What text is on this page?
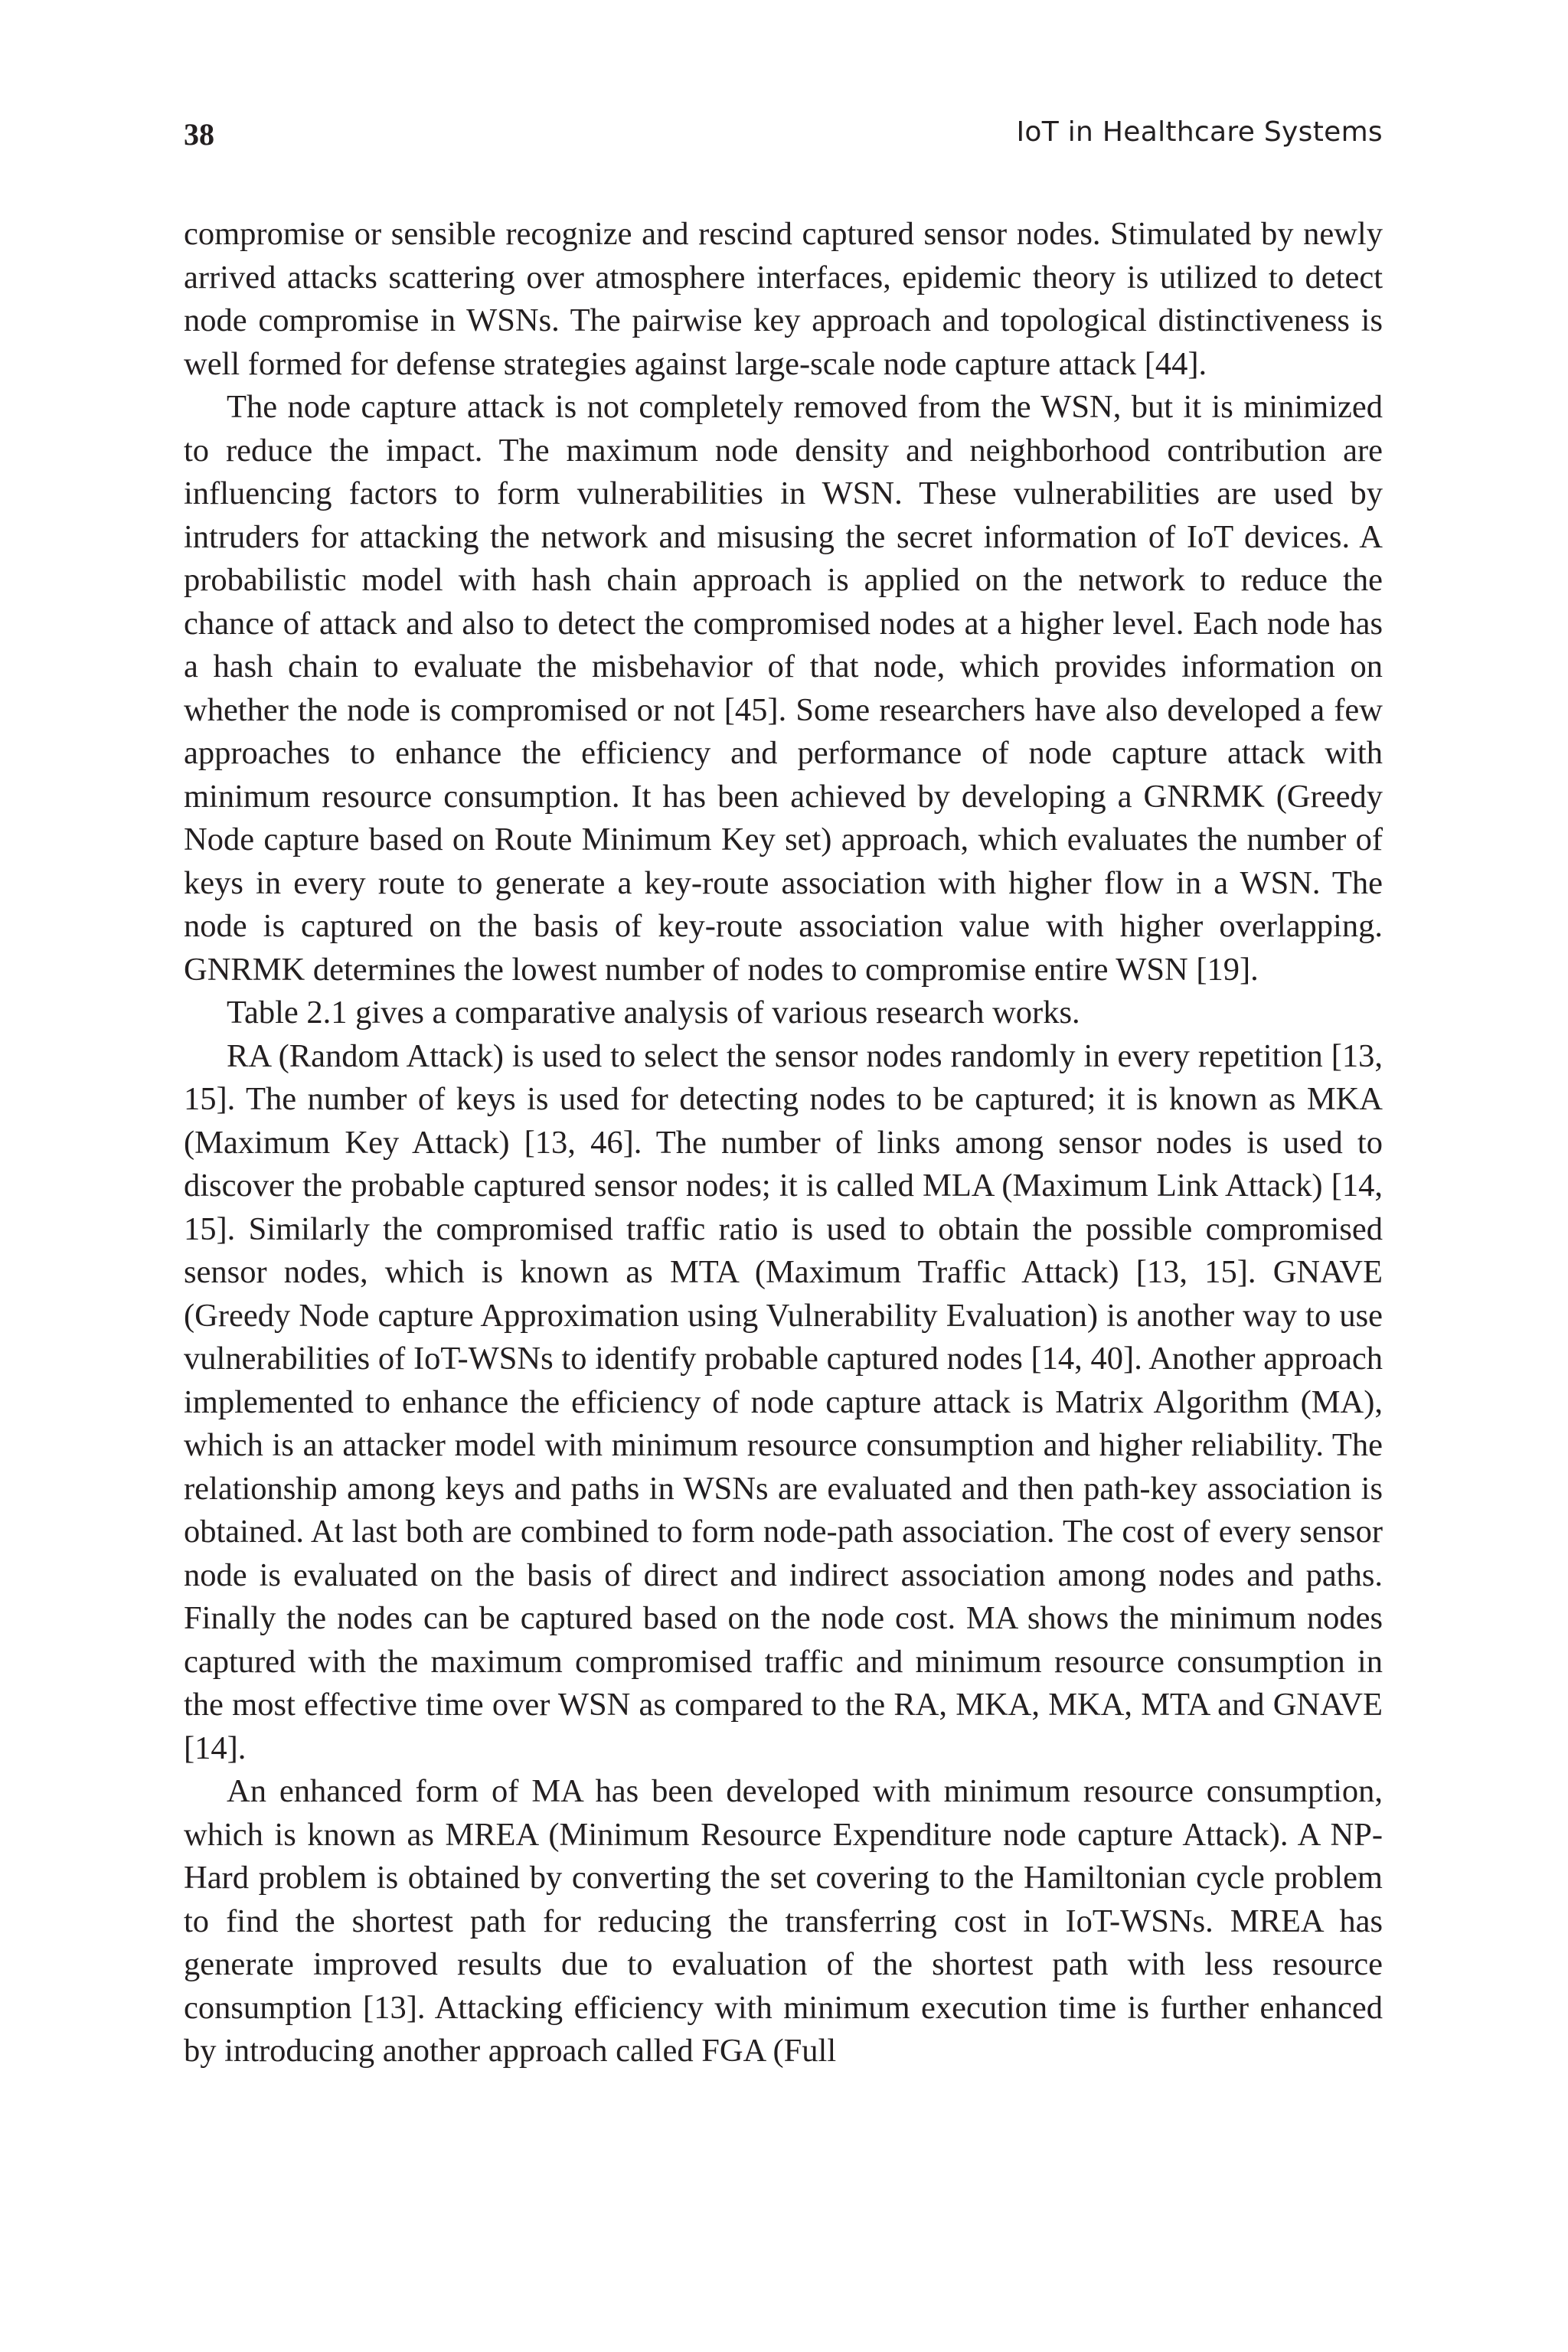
38	IoT in Healthcare Systems

compromise or sensible recognize and rescind captured sensor nodes. Stimulated by newly arrived attacks scattering over atmosphere interfaces, epidemic theory is utilized to detect node compromise in WSNs. The pairwise key approach and topological distinctiveness is well formed for defense strategies against large-scale node capture attack [44].

The node capture attack is not completely removed from the WSN, but it is minimized to reduce the impact. The maximum node density and neighborhood contribution are influencing factors to form vulnerabilities in WSN. These vulnerabilities are used by intruders for attacking the network and misusing the secret information of IoT devices. A probabilistic model with hash chain approach is applied on the network to reduce the chance of attack and also to detect the compromised nodes at a higher level. Each node has a hash chain to evaluate the misbehavior of that node, which provides information on whether the node is compromised or not [45]. Some researchers have also developed a few approaches to enhance the efficiency and performance of node capture attack with minimum resource consumption. It has been achieved by developing a GNRMK (Greedy Node capture based on Route Minimum Key set) approach, which evaluates the number of keys in every route to generate a key-route association with higher flow in a WSN. The node is captured on the basis of key-route association value with higher overlapping. GNRMK determines the lowest number of nodes to compromise entire WSN [19].

Table 2.1 gives a comparative analysis of various research works.

RA (Random Attack) is used to select the sensor nodes randomly in every repetition [13, 15]. The number of keys is used for detecting nodes to be captured; it is known as MKA (Maximum Key Attack) [13, 46]. The number of links among sensor nodes is used to discover the probable captured sensor nodes; it is called MLA (Maximum Link Attack) [14, 15]. Similarly the compromised traffic ratio is used to obtain the possible compromised sensor nodes, which is known as MTA (Maximum Traffic Attack) [13, 15]. GNAVE (Greedy Node capture Approximation using Vulnerability Evaluation) is another way to use vulnerabilities of IoT-WSNs to identify probable captured nodes [14, 40]. Another approach implemented to enhance the efficiency of node capture attack is Matrix Algorithm (MA), which is an attacker model with minimum resource consumption and higher reliability. The relationship among keys and paths in WSNs are evaluated and then path-key association is obtained. At last both are combined to form node-path association. The cost of every sensor node is evaluated on the basis of direct and indirect association among nodes and paths. Finally the nodes can be captured based on the node cost. MA shows the minimum nodes captured with the maximum compromised traffic and minimum resource consumption in the most effective time over WSN as compared to the RA, MKA, MKA, MTA and GNAVE [14].

An enhanced form of MA has been developed with minimum resource consumption, which is known as MREA (Minimum Resource Expenditure node capture Attack). A NP-Hard problem is obtained by converting the set covering to the Hamiltonian cycle problem to find the shortest path for reducing the transferring cost in IoT-WSNs. MREA has generate improved results due to evaluation of the shortest path with less resource consumption [13]. Attacking efficiency with minimum execution time is further enhanced by introducing another approach called FGA (Full
